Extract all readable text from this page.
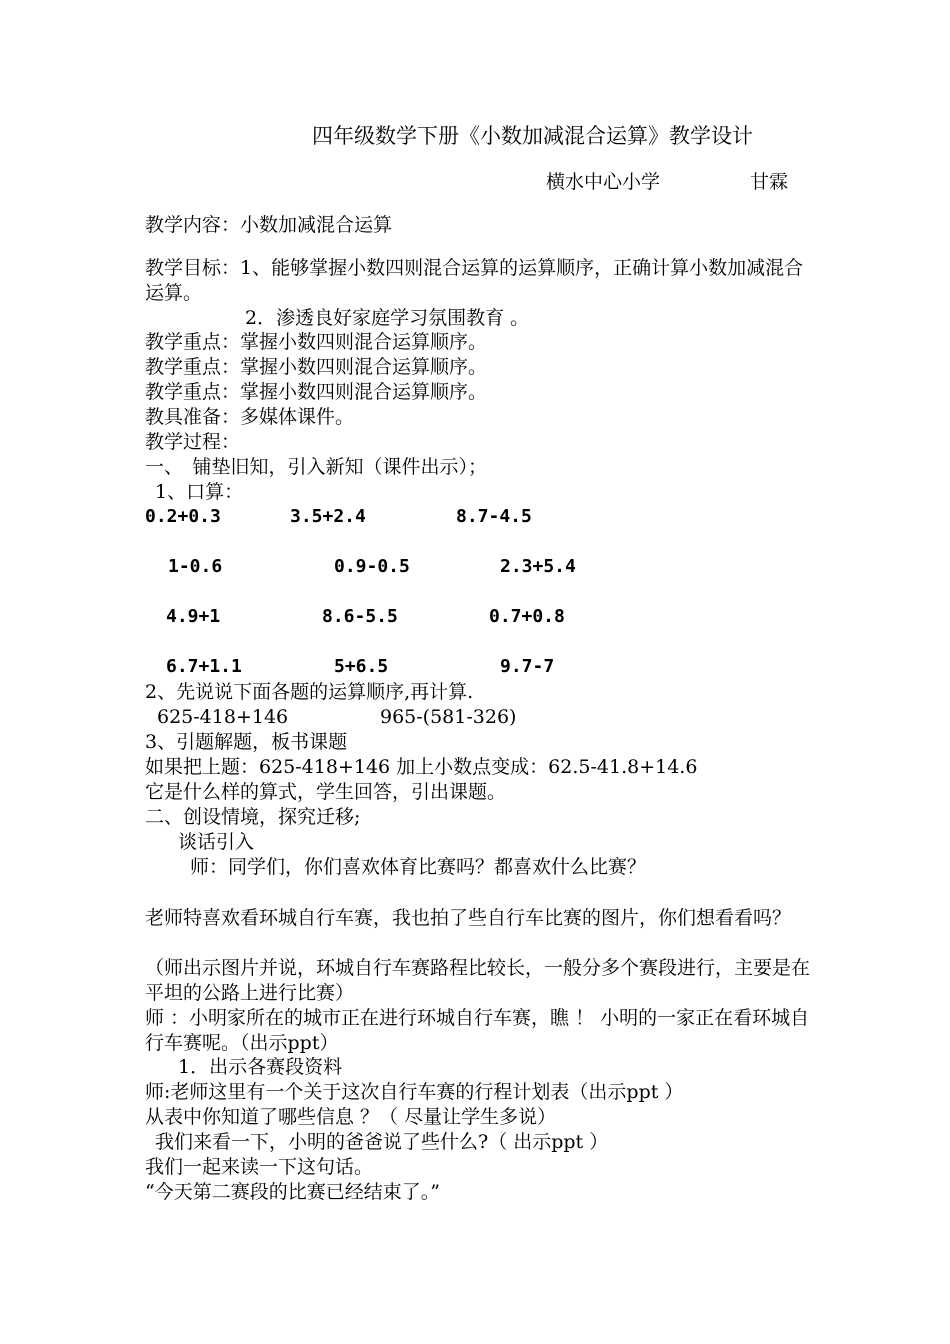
四年级数学下册《小数加减混合运算》教学设计
横水中心小学	甘霖
教学内容：小数加减混合运算
教学目标：1、能够掌握小数四则混合运算的运算顺序，正确计算小数加减混合运算。
2．渗透良好家庭学习氛围教育 。
教学重点：掌握小数四则混合运算顺序。
教学重点：掌握小数四则混合运算顺序。
教学重点：掌握小数四则混合运算顺序。
教具准备：多媒体课件。
教学过程：
一、　铺垫旧知，引入新知（课件出示）；
1、口算：
0.2+0.3	3.5+2.4	8.7-4.5
1-0.6	0.9-0.5	2.3+5.4
4.9+1	8.6-5.5	0.7+0.8
6.7+1.1	5+6.5	9.7-7
2、先说说下面各题的运算顺序,再计算.
625-418+146	965-(581-326)
3、引题解题，板书课题
如果把上题：625-418+146 加上小数点变成：62.5-41.8+14.6
它是什么样的算式，学生回答，引出课题。
二、创设情境，探究迁移;
谈话引入
师：同学们，你们喜欢体育比赛吗？都喜欢什么比赛？
老师特喜欢看环城自行车赛，我也拍了些自行车比赛的图片，你们想看看吗？
（师出示图片并说，环城自行车赛路程比较长，一般分多个赛段进行，主要是在平坦的公路上进行比赛）
师 ：小明家所在的城市正在进行环城自行车赛，瞧 ！ 小明的一家正在看环城自行车赛呢。（出示ppt）
1．出示各赛段资料
师:老师这里有一个关于这次自行车赛的行程计划表（出示ppt ）
从表中你知道了哪些信息 ？（ 尽量让学生多说）
我们来看一下，小明的爸爸说了些什么?（ 出示ppt ）
我们一起来读一下这句话。
“今天第二赛段的比赛已经结束了。”
